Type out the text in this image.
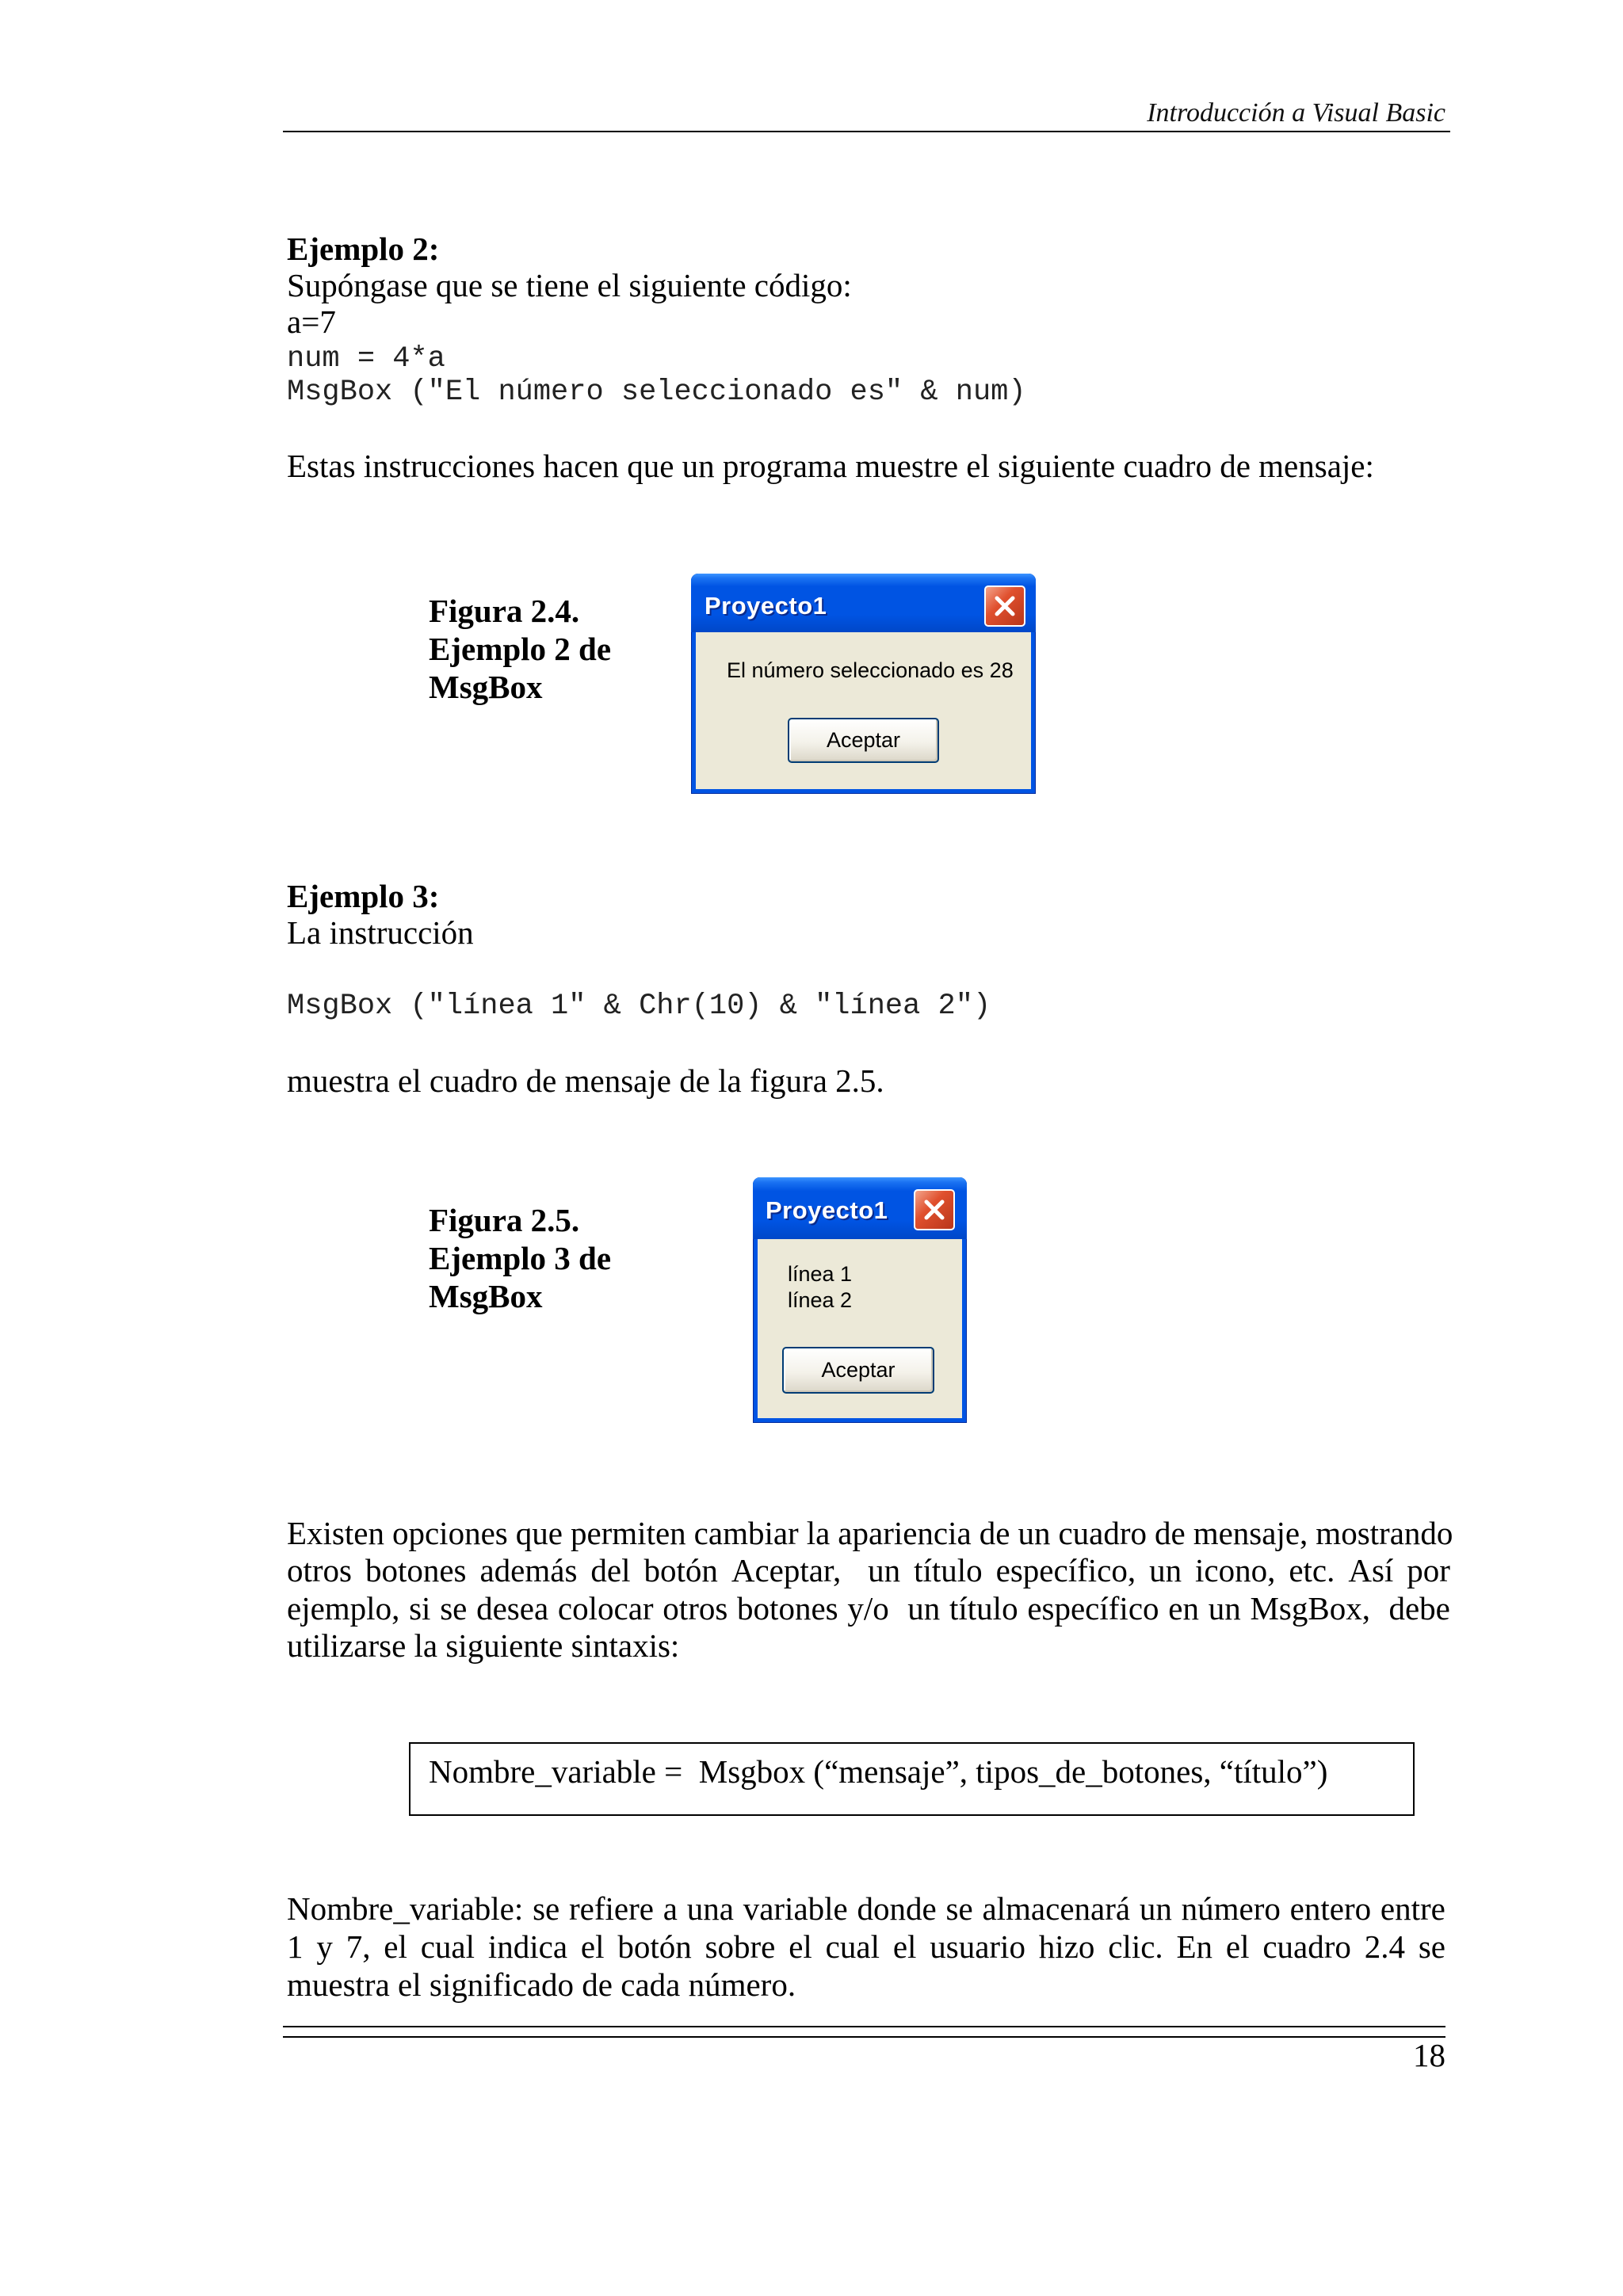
Introducción a Visual Basic
Ejemplo 2:
Supóngase que se tiene el siguiente código:
a=7
num = 4*a
MsgBox ("El número seleccionado es" & num)
Estas instrucciones hacen que un programa muestre el siguiente cuadro de mensaje:
Figura 2.4.
Ejemplo 2 de
MsgBox
Proyecto1
El número seleccionado es 28
Aceptar
Ejemplo 3:
La instrucción
MsgBox ("línea 1" & Chr(10) & "línea 2")
muestra el cuadro de mensaje de la figura 2.5.
Figura 2.5.
Ejemplo 3 de
MsgBox
Proyecto1
línea 1
línea 2
Aceptar
Existen opciones que permiten cambiar la apariencia de un cuadro de mensaje, mostrando
otros botones además del botón Aceptar, un título específico, un icono, etc. Así por
ejemplo, si se desea colocar otros botones y/o un título específico en un MsgBox, debe
utilizarse la siguiente sintaxis:
Nombre_variable =  Msgbox (“mensaje”, tipos_de_botones, “título”)
Nombre_variable: se refiere a una variable donde se almacenará un número entero entre
1 y 7, el cual indica el botón sobre el cual el usuario hizo clic. En el cuadro 2.4 se
muestra el significado de cada número.
18
